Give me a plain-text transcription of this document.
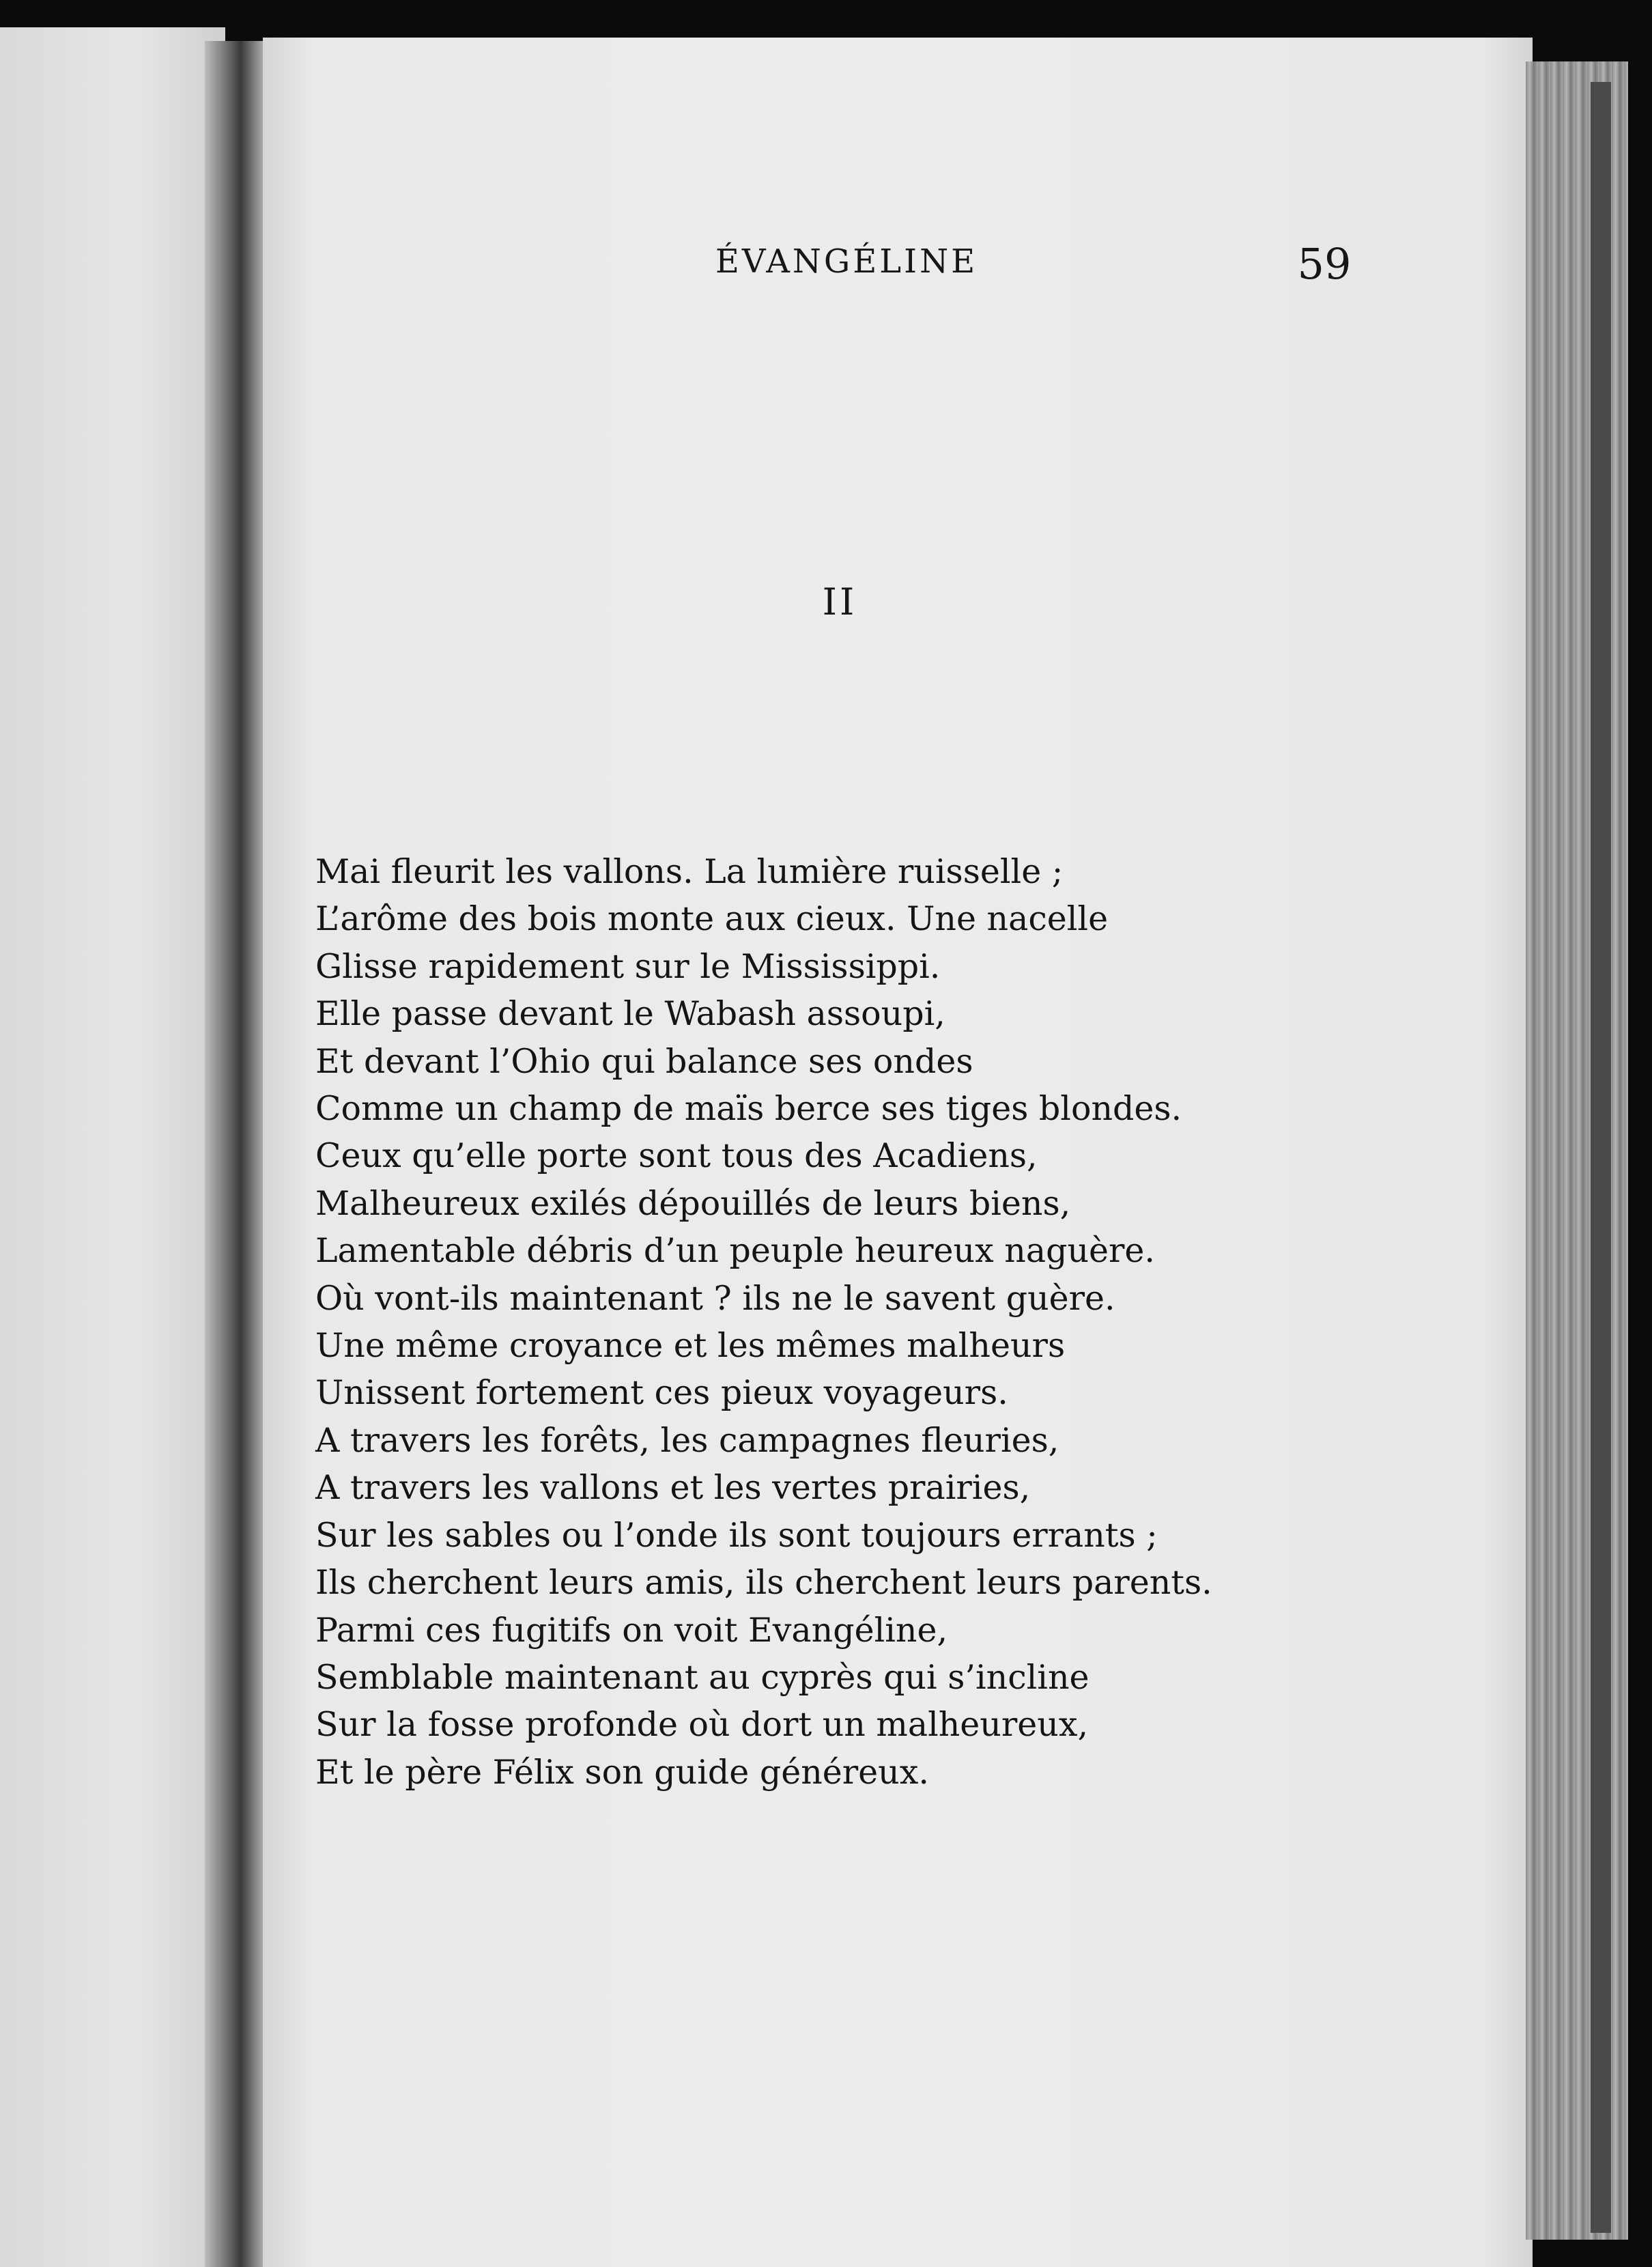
ÉVANGÉLINE	59
II
Mai fleurit les vallons. La lumière ruisselle ;
L’arôme des bois monte aux cieux. Une nacelle
Glisse rapidement sur le Mississippi.
Elle passe devant le Wabash assoupi,
Et devant l’Ohio qui balance ses ondes
Comme un champ de maïs berce ses tiges blondes.
Ceux qu’elle porte sont tous des Acadiens,
Malheureux exilés dépouillés de leurs biens,
Lamentable débris d’un peuple heureux naguère.
Où vont-ils maintenant ? ils ne le savent guère.
Une même croyance et les mêmes malheurs
Unissent fortement ces pieux voyageurs.
A travers les forêts, les campagnes fleuries,
A travers les vallons et les vertes prairies,
Sur les sables ou l’onde ils sont toujours errants ;
Ils cherchent leurs amis, ils cherchent leurs parents.
Parmi ces fugitifs on voit Evangéline,
Semblable maintenant au cyprès qui s’incline
Sur la fosse profonde où dort un malheureux,
Et le père Félix son guide généreux.
